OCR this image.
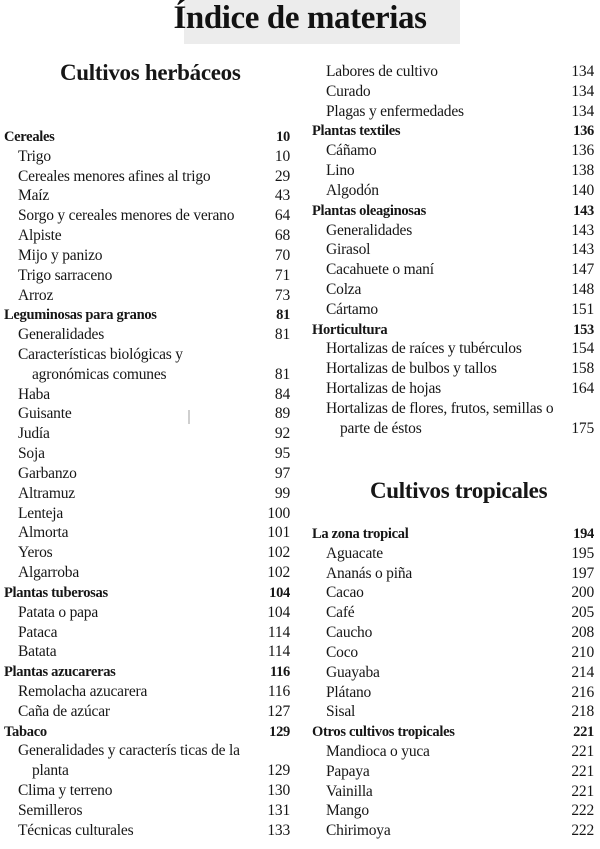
Índice de materias
Cultivos herbáceos
Cultivos tropicales
Cereales	10
Trigo	10
Cereales menores afines al trigo	29
Maíz	43
Sorgo y cereales menores de verano	64
Alpiste	68
Mijo y panizo	70
Trigo sarraceno	71
Arroz	73
Leguminosas para granos	81
Generalidades	81
Características biológicas y
agronómicas comunes	81
Haba	84
Guisante	89
Judía	92
Soja	95
Garbanzo	97
Altramuz	99
Lenteja	100
Almorta	101
Yeros	102
Algarroba	102
Plantas tuberosas	104
Patata o papa	104
Pataca	114
Batata	114
Plantas azucareras	116
Remolacha azucarera	116
Caña de azúcar	127
Tabaco	129
Generalidades y caracterís ticas de la
planta	129
Clima y terreno	130
Semilleros	131
Técnicas culturales	133
Labores de cultivo	134
Curado	134
Plagas y enfermedades	134
Plantas textiles	136
Cáñamo	136
Lino	138
Algodón	140
Plantas oleaginosas	143
Generalidades	143
Girasol	143
Cacahuete o maní	147
Colza	148
Cártamo	151
Horticultura	153
Hortalizas de raíces y tubérculos	154
Hortalizas de bulbos y tallos	158
Hortalizas de hojas	164
Hortalizas de flores, frutos, semillas o
parte de éstos	175
La zona tropical	194
Aguacate	195
Ananás o piña	197
Cacao	200
Café	205
Caucho	208
Coco	210
Guayaba	214
Plátano	216
Sisal	218
Otros cultivos tropicales	221
Mandioca o yuca	221
Papaya	221
Vainilla	221
Mango	222
Chirimoya	222
